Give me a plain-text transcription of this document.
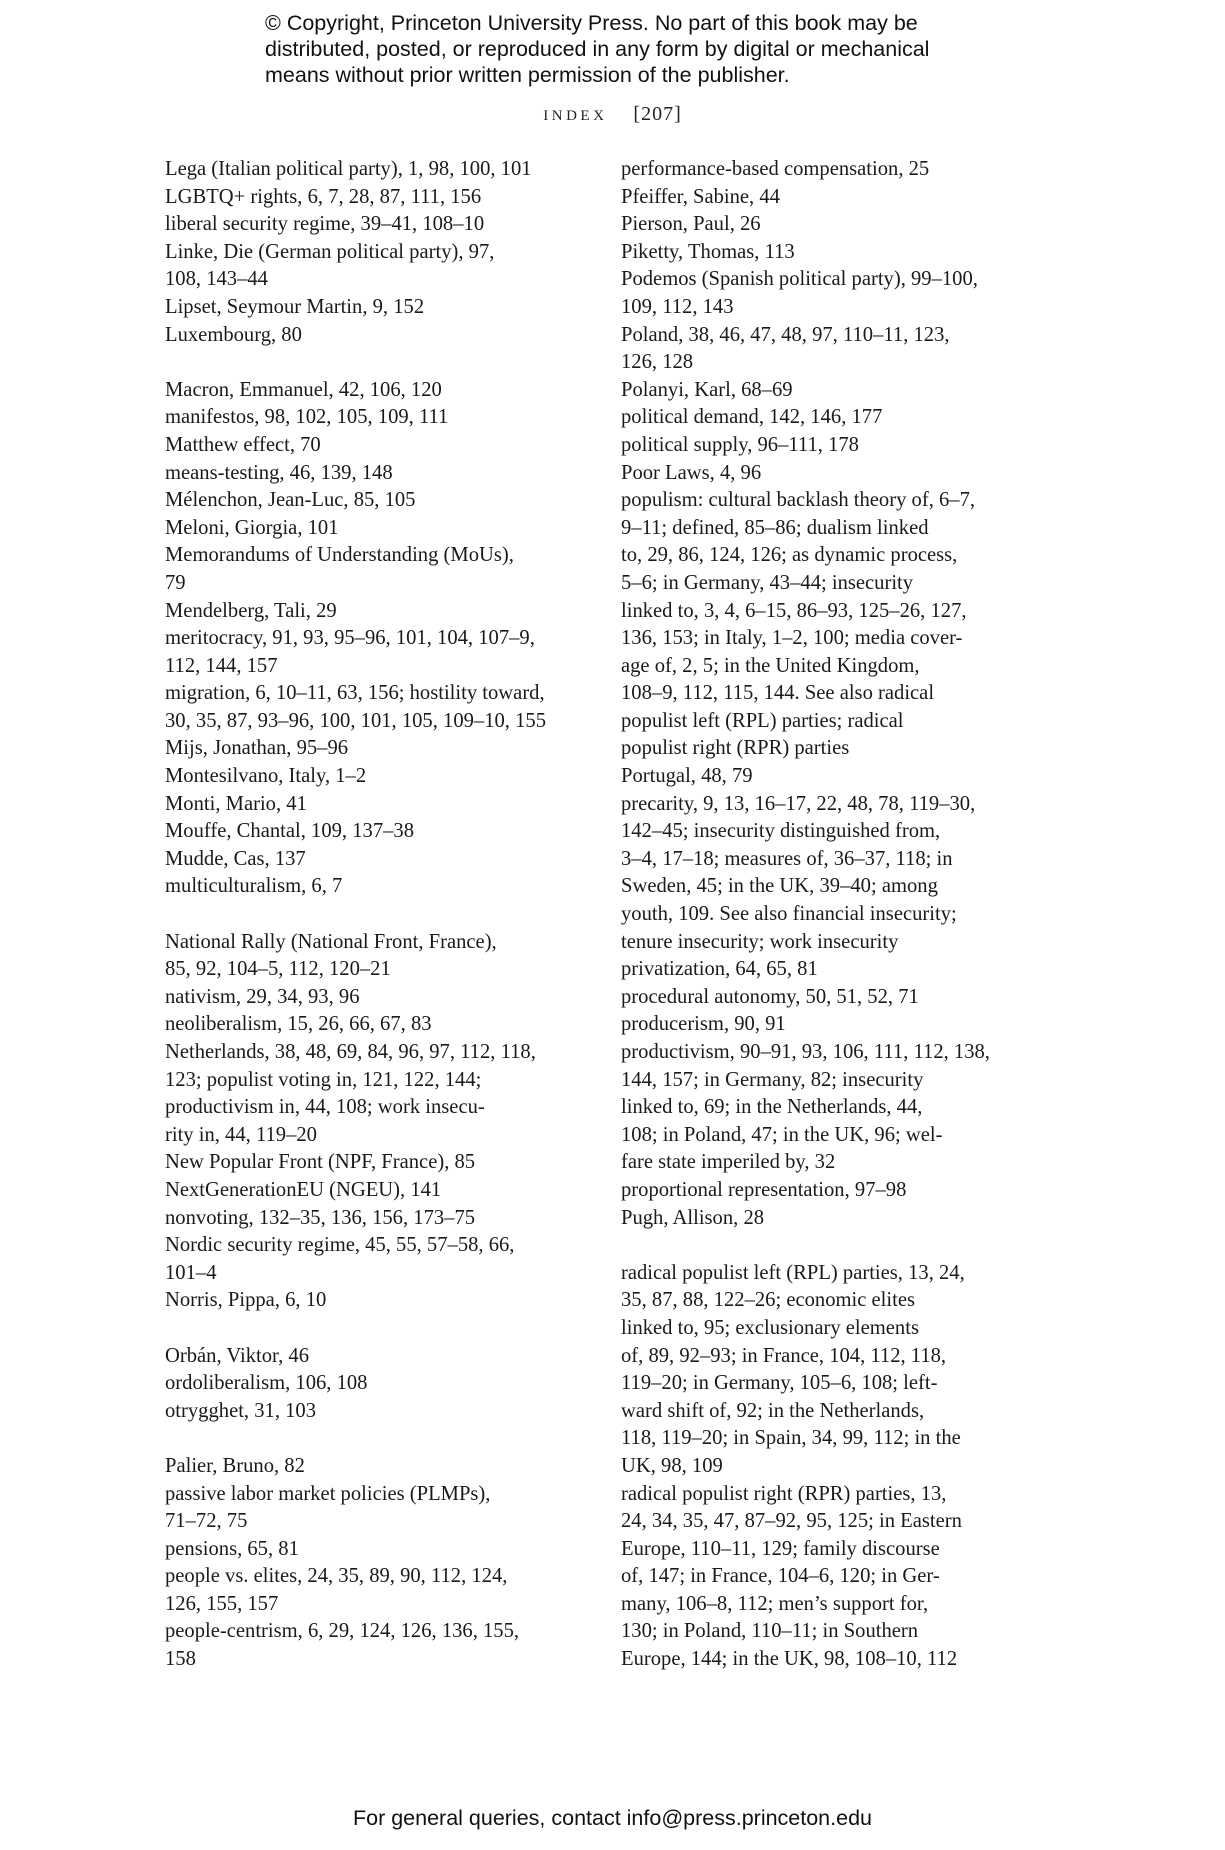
© Copyright, Princeton University Press. No part of this book may be
distributed, posted, or reproduced in any form by digital or mechanical
means without prior written permission of the publisher.
index [207]
Lega (Italian political party), 1, 98, 100, 101
LGBTQ+ rights, 6, 7, 28, 87, 111, 156
liberal security regime, 39–41, 108–10
Linke, Die (German political party), 97,
108, 143–44
Lipset, Seymour Martin, 9, 152
Luxembourg, 80
Macron, Emmanuel, 42, 106, 120
manifestos, 98, 102, 105, 109, 111
Matthew effect, 70
means-testing, 46, 139, 148
Mélenchon, Jean-Luc, 85, 105
Meloni, Giorgia, 101
Memorandums of Understanding (MoUs),
79
Mendelberg, Tali, 29
meritocracy, 91, 93, 95–96, 101, 104, 107–9,
112, 144, 157
migration, 6, 10–11, 63, 156; hostility toward,
30, 35, 87, 93–96, 100, 101, 105, 109–10, 155
Mijs, Jonathan, 95–96
Montesilvano, Italy, 1–2
Monti, Mario, 41
Mouffe, Chantal, 109, 137–38
Mudde, Cas, 137
multiculturalism, 6, 7
National Rally (National Front, France),
85, 92, 104–5, 112, 120–21
nativism, 29, 34, 93, 96
neoliberalism, 15, 26, 66, 67, 83
Netherlands, 38, 48, 69, 84, 96, 97, 112, 118,
123; populist voting in, 121, 122, 144;
productivism in, 44, 108; work insecu-
rity in, 44, 119–20
New Popular Front (NPF, France), 85
NextGenerationEU (NGEU), 141
nonvoting, 132–35, 136, 156, 173–75
Nordic security regime, 45, 55, 57–58, 66,
101–4
Norris, Pippa, 6, 10
Orbán, Viktor, 46
ordoliberalism, 106, 108
otrygghet, 31, 103
Palier, Bruno, 82
passive labor market policies (PLMPs),
71–72, 75
pensions, 65, 81
people vs. elites, 24, 35, 89, 90, 112, 124,
126, 155, 157
people-centrism, 6, 29, 124, 126, 136, 155,
158
performance-based compensation, 25
Pfeiffer, Sabine, 44
Pierson, Paul, 26
Piketty, Thomas, 113
Podemos (Spanish political party), 99–100,
109, 112, 143
Poland, 38, 46, 47, 48, 97, 110–11, 123,
126, 128
Polanyi, Karl, 68–69
political demand, 142, 146, 177
political supply, 96–111, 178
Poor Laws, 4, 96
populism: cultural backlash theory of, 6–7,
9–11; defined, 85–86; dualism linked
to, 29, 86, 124, 126; as dynamic process,
5–6; in Germany, 43–44; insecurity
linked to, 3, 4, 6–15, 86–93, 125–26, 127,
136, 153; in Italy, 1–2, 100; media cover-
age of, 2, 5; in the United Kingdom,
108–9, 112, 115, 144. See also radical
populist left (RPL) parties; radical
populist right (RPR) parties
Portugal, 48, 79
precarity, 9, 13, 16–17, 22, 48, 78, 119–30,
142–45; insecurity distinguished from,
3–4, 17–18; measures of, 36–37, 118; in
Sweden, 45; in the UK, 39–40; among
youth, 109. See also financial insecurity;
tenure insecurity; work insecurity
privatization, 64, 65, 81
procedural autonomy, 50, 51, 52, 71
producerism, 90, 91
productivism, 90–91, 93, 106, 111, 112, 138,
144, 157; in Germany, 82; insecurity
linked to, 69; in the Netherlands, 44,
108; in Poland, 47; in the UK, 96; wel-
fare state imperiled by, 32
proportional representation, 97–98
Pugh, Allison, 28
radical populist left (RPL) parties, 13, 24,
35, 87, 88, 122–26; economic elites
linked to, 95; exclusionary elements
of, 89, 92–93; in France, 104, 112, 118,
119–20; in Germany, 105–6, 108; left-
ward shift of, 92; in the Netherlands,
118, 119–20; in Spain, 34, 99, 112; in the
UK, 98, 109
radical populist right (RPR) parties, 13,
24, 34, 35, 47, 87–92, 95, 125; in Eastern
Europe, 110–11, 129; family discourse
of, 147; in France, 104–6, 120; in Ger-
many, 106–8, 112; men’s support for,
130; in Poland, 110–11; in Southern
Europe, 144; in the UK, 98, 108–10, 112
For general queries, contact info@press.princeton.edu
